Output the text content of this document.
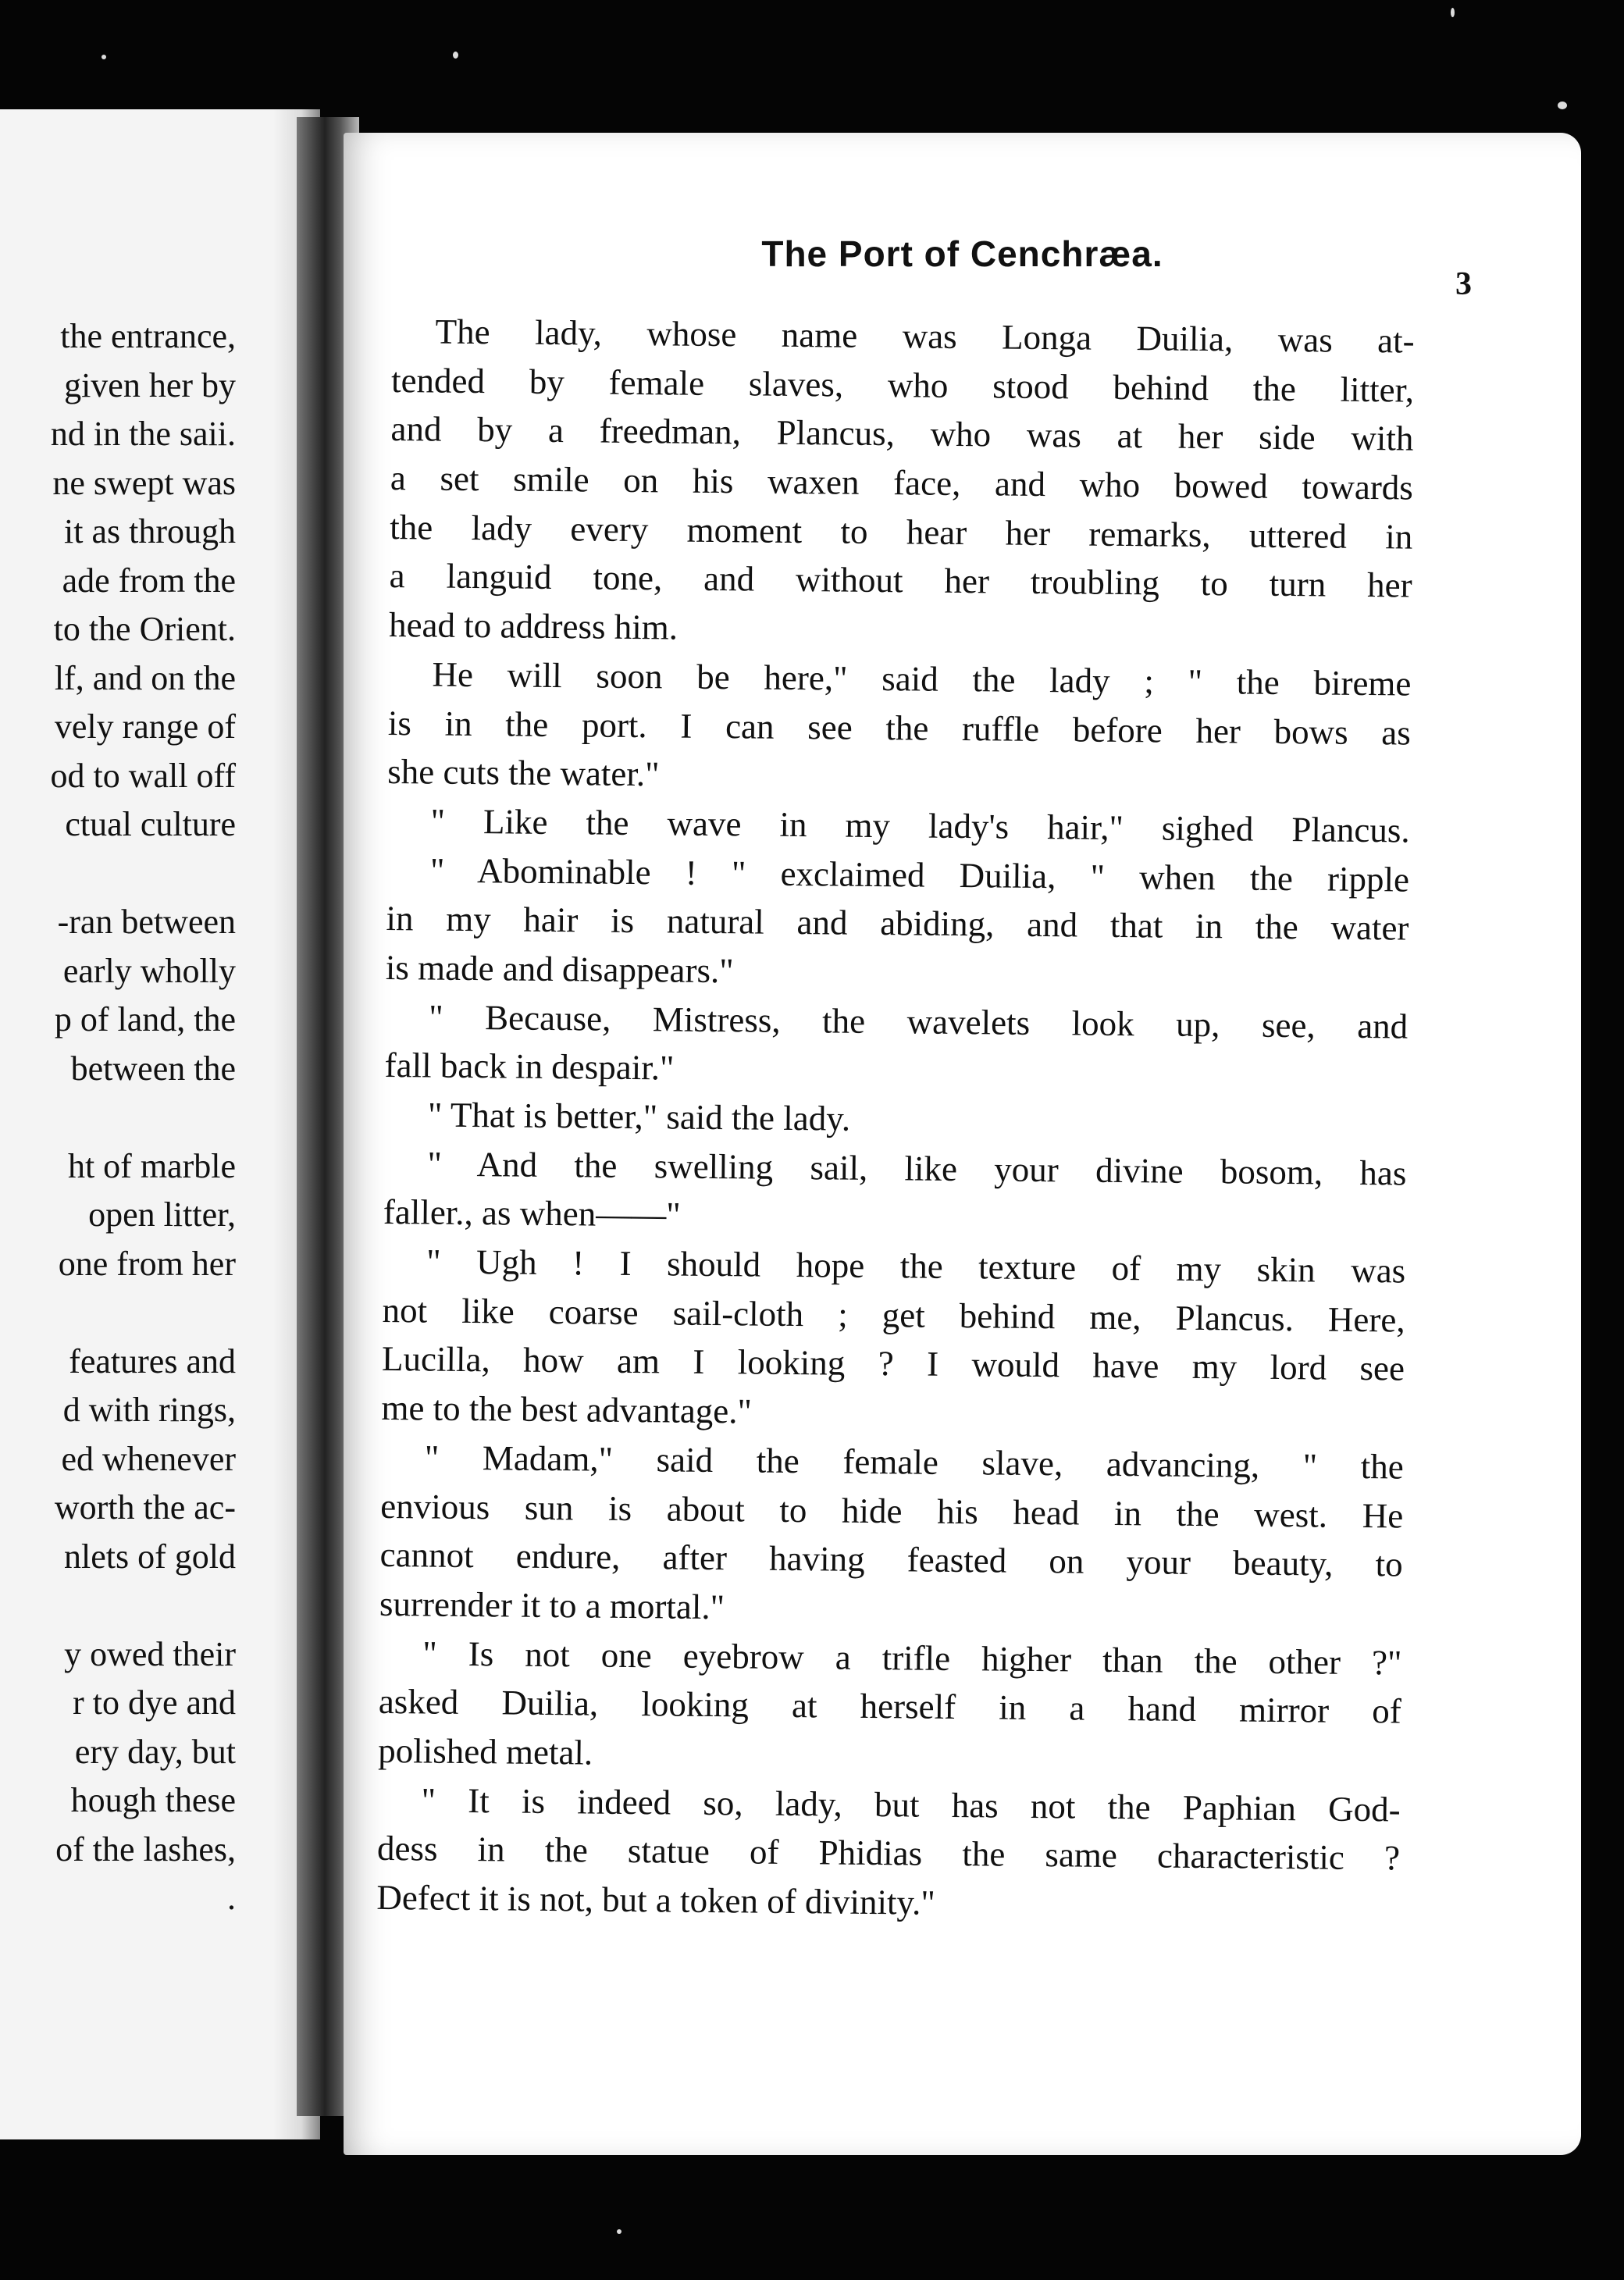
the entrance,
given her by
nd in the saii.
ne swept was
it as through
ade from the
to the Orient.
lf, and on the
vely range of
od to wall off
ctual culture
-ran between
early wholly
p of land, the
between the
ht of marble
open litter,
one from her
features and
d with rings,
ed whenever
worth the ac-
nlets of gold
y owed their
r to dye and
ery day, but
hough these
of the lashes,
.
The Port of Cenchræa.
3
The lady, whose name was Longa Duilia, was at-
tended by female slaves, who stood behind the litter,
and by a freedman, Plancus, who was at her side with
a set smile on his waxen face, and who bowed towards
the lady every moment to hear her remarks, uttered in
a languid tone, and without her troubling to turn her
head to address him.
He will soon be here," said the lady ; " the bireme
is in the port. I can see the ruffle before her bows as
she cuts the water."
" Like the wave in my lady's hair," sighed Plancus.
" Abominable ! " exclaimed Duilia, " when the ripple
in my hair is natural and abiding, and that in the water
is made and disappears."
" Because, Mistress, the wavelets look up, see, and
fall back in despair."
" That is better," said the lady.
" And the swelling sail, like your divine bosom, has
faller., as when——"
" Ugh ! I should hope the texture of my skin was
not like coarse sail-cloth ; get behind me, Plancus. Here,
Lucilla, how am I looking ? I would have my lord see
me to the best advantage."
" Madam," said the female slave, advancing, " the
envious sun is about to hide his head in the west. He
cannot endure, after having feasted on your beauty, to
surrender it to a mortal."
" Is not one eyebrow a trifle higher than the other ?"
asked Duilia, looking at herself in a hand mirror of
polished metal.
" It is indeed so, lady, but has not the Paphian God-
dess in the statue of Phidias the same characteristic ?
Defect it is not, but a token of divinity."
